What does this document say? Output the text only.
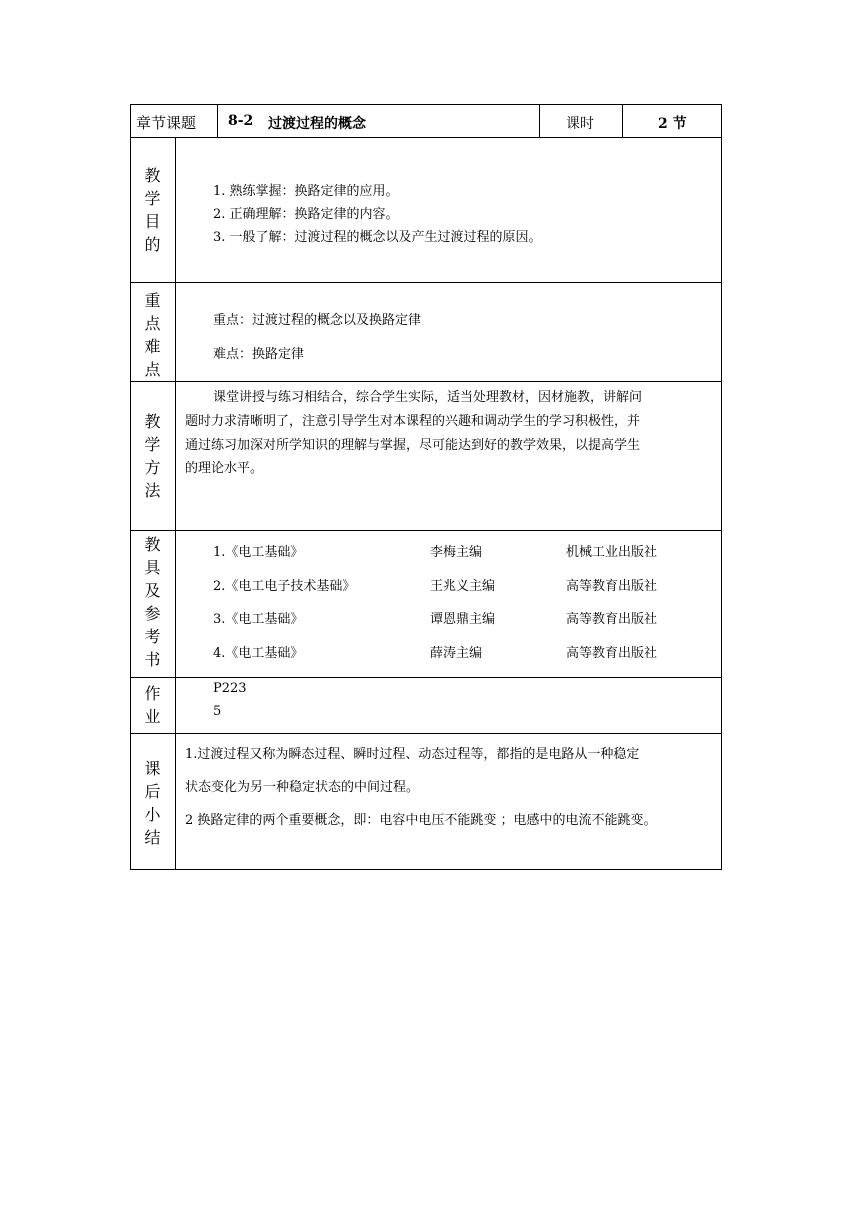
章节课题 8-2 过渡过程的概念	课时	2 节
教
学
目
的
1. 熟练掌握：换路定律的应用。
2. 正确理解：换路定律的内容。
3. 一般了解：过渡过程的概念以及产生过渡过程的原因。
重
点
难
点
重点：过渡过程的概念以及换路定律
难点：换路定律
教
学
方
法
课堂讲授与练习相结合，综合学生实际，适当处理教材，因材施教，讲解问
题时力求清晰明了，注意引导学生对本课程的兴趣和调动学生的学习积极性，并
通过练习加深对所学知识的理解与掌握，尽可能达到好的教学效果，以提高学生
的理论水平。
教
具
及
参
考
书
1.《电工基础》	李梅主编	机械工业出版社
2.《电工电子技术基础》	王兆义主编	高等教育出版社
3.《电工基础》	谭恩鼎主编	高等教育出版社
4.《电工基础》	薛涛主编	高等教育出版社
作
业
P223
5
课
后
小
结
1.过渡过程又称为瞬态过程、瞬时过程、动态过程等，都指的是电路从一种稳定
状态变化为另一种稳定状态的中间过程。
2 换路定律的两个重要概念，即：电容中电压不能跳变 ；电感中的电流不能跳变。
